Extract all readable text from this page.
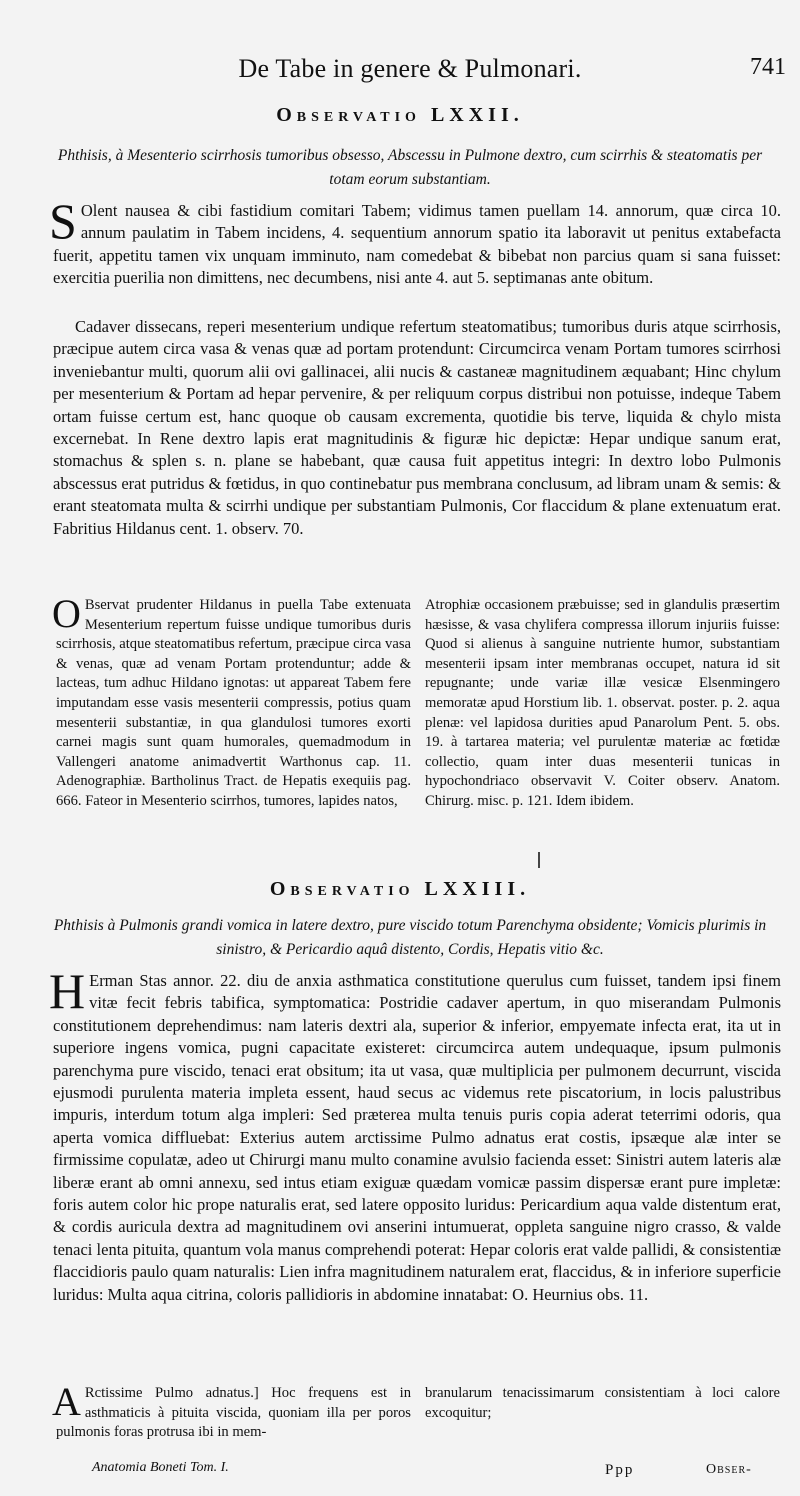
De Tabe in genere & Pulmonari.	741
Observatio LXXII.
Phthisis, à Mesenterio scirrhosis tumoribus obsesso, Abscessu in Pulmone dextro, cum scirrhis & steatomatis per totam eorum substantiam.
S Olent nausea & cibi fastidium comitari Tabem; vidimus tamen puellam 14. annorum, quæ circa 10. annum paulatim in Tabem incidens, 4. sequentium annorum spatio ita laboravit ut penitus extabefacta fuerit, appetitu tamen vix unquam imminuto, nam comedebat & bibebat non parcius quam si sana fuisset: exercitia puerilia non dimittens, nec decumbens, nisi ante 4. aut 5. septimanas ante obitum.
Cadaver dissecans, reperi mesenterium undique refertum steatomatibus; tumoribus duris atque scirrhosis, præcipue autem circa vasa & venas quæ ad portam protendunt: Circumcirca venam Portam tumores scirrhosi inveniebantur multi, quorum alii ovi gallinacei, alii nucis & castaneæ magnitudinem æquabant; Hinc chylum per mesenterium & Portam ad hepar pervenire, & per reliquum corpus distribui non potuisse, indeque Tabem ortam fuisse certum est, hanc quoque ob causam excrementa, quotidie bis terve, liquida & chylo mista excernebat. In Rene dextro lapis erat magnitudinis & figuræ hic depictæ: Hepar undique sanum erat, stomachus & splen s. n. plane se habebant, quæ causa fuit appetitus integri: In dextro lobo Pulmonis abscessus erat putridus & fœtidus, in quo continebatur pus membrana conclusum, ad libram unam & semis: & erant steatomata multa & scirrhi undique per substantiam Pulmonis, Cor flaccidum & plane extenuatum erat. Fabritius Hildanus cent. 1. observ. 70.
O Bservat prudenter Hildanus in puella Tabe extenuata Mesenterium repertum fuisse undique tumoribus duris scirrhosis, atque steatomatibus refertum, præcipue circa vasa & venas, quæ ad venam Portam protenduntur; adde & lacteas, tum adhuc Hildano ignotas: ut appareat Tabem fere imputandam esse vasis mesenterii compressis, potius quam mesenterii substantiæ, in qua glandulosi tumores exorti carnei magis sunt quam humorales, quemadmodum in Vallengeri anatome animadvertit Warthonus cap. 11. Adenographiæ. Bartholinus Tract. de Hepatis exequiis pag. 666. Fateor in Mesenterio scirrhos, tumores, lapides natos,
Atrophiæ occasionem præbuisse; sed in glandulis præsertim hæsisse, & vasa chylifera compressa illorum injuriis fuisse: Quod si alienus à sanguine nutriente humor, substantiam mesenterii ipsam inter membranas occupet, natura id sit repugnante; unde variæ illæ vesicæ Elsenmingero memoratæ apud Horstium lib. 1. observat. poster. p. 2. aqua plenæ: vel lapidosa durities apud Panarolum Pent. 5. obs. 19. à tartarea materia; vel purulentæ materiæ ac fœtidæ collectio, quam inter duas mesenterii tunicas in hypochondriaco observavit V. Coiter observ. Anatom. Chirurg. misc. p. 121. Idem ibidem.
Observatio LXXIII.
Phthisis à Pulmonis grandi vomica in latere dextro, pure viscido totum Parenchyma obsidente; Vomicis plurimis in sinistro, & Pericardio aquâ distento, Cordis, Hepatis vitio &c.
H Erman Stas annor. 22. diu de anxia asthmatica constitutione querulus cum fuisset, tandem ipsi finem vitæ fecit febris tabifica, symptomatica: Postridie cadaver apertum, in quo miserandam Pulmonis constitutionem deprehendimus: nam lateris dextri ala, superior & inferior, empyemate infecta erat, ita ut in superiore ingens vomica, pugni capacitate existeret: circumcirca autem undequaque, ipsum pulmonis parenchyma pure viscido, tenaci erat obsitum; ita ut vasa, quæ multiplicia per pulmonem decurrunt, viscida ejusmodi purulenta materia impleta essent, haud secus ac videmus rete piscatorium, in locis palustribus impuris, interdum totum alga impleri: Sed præterea multa tenuis puris copia aderat teterrimi odoris, qua aperta vomica diffluebat: Exterius autem arctissime Pulmo adnatus erat costis, ipsæque alæ inter se firmissime copulatæ, adeo ut Chirurgi manu multo conamine avulsio facienda esset: Sinistri autem lateris alæ liberæ erant ab omni annexu, sed intus etiam exiguæ quædam vomicæ passim dispersæ erant pure impletæ: foris autem color hic prope naturalis erat, sed latere opposito luridus: Pericardium aqua valde distentum erat, & cordis auricula dextra ad magnitudinem ovi anserini intumuerat, oppleta sanguine nigro crasso, & valde tenaci lenta pituita, quantum vola manus comprehendi poterat: Hepar coloris erat valde pallidi, & consistentiæ flaccidioris paulo quam naturalis: Lien infra magnitudinem naturalem erat, flaccidus, & in inferiore superficie luridus: Multa aqua citrina, coloris pallidioris in abdomine innatabat: O. Heurnius obs. 11.
A Rctissime Pulmo adnatus.] Hoc frequens est in asthmaticis à pituita viscida, quoniam illa per poros pulmonis foras protrusa ibi in mem-
branularum tenacissimarum consistentiam à loci calore excoquitur;
Anatomia Boneti Tom. I.	Ppp	Obser-
